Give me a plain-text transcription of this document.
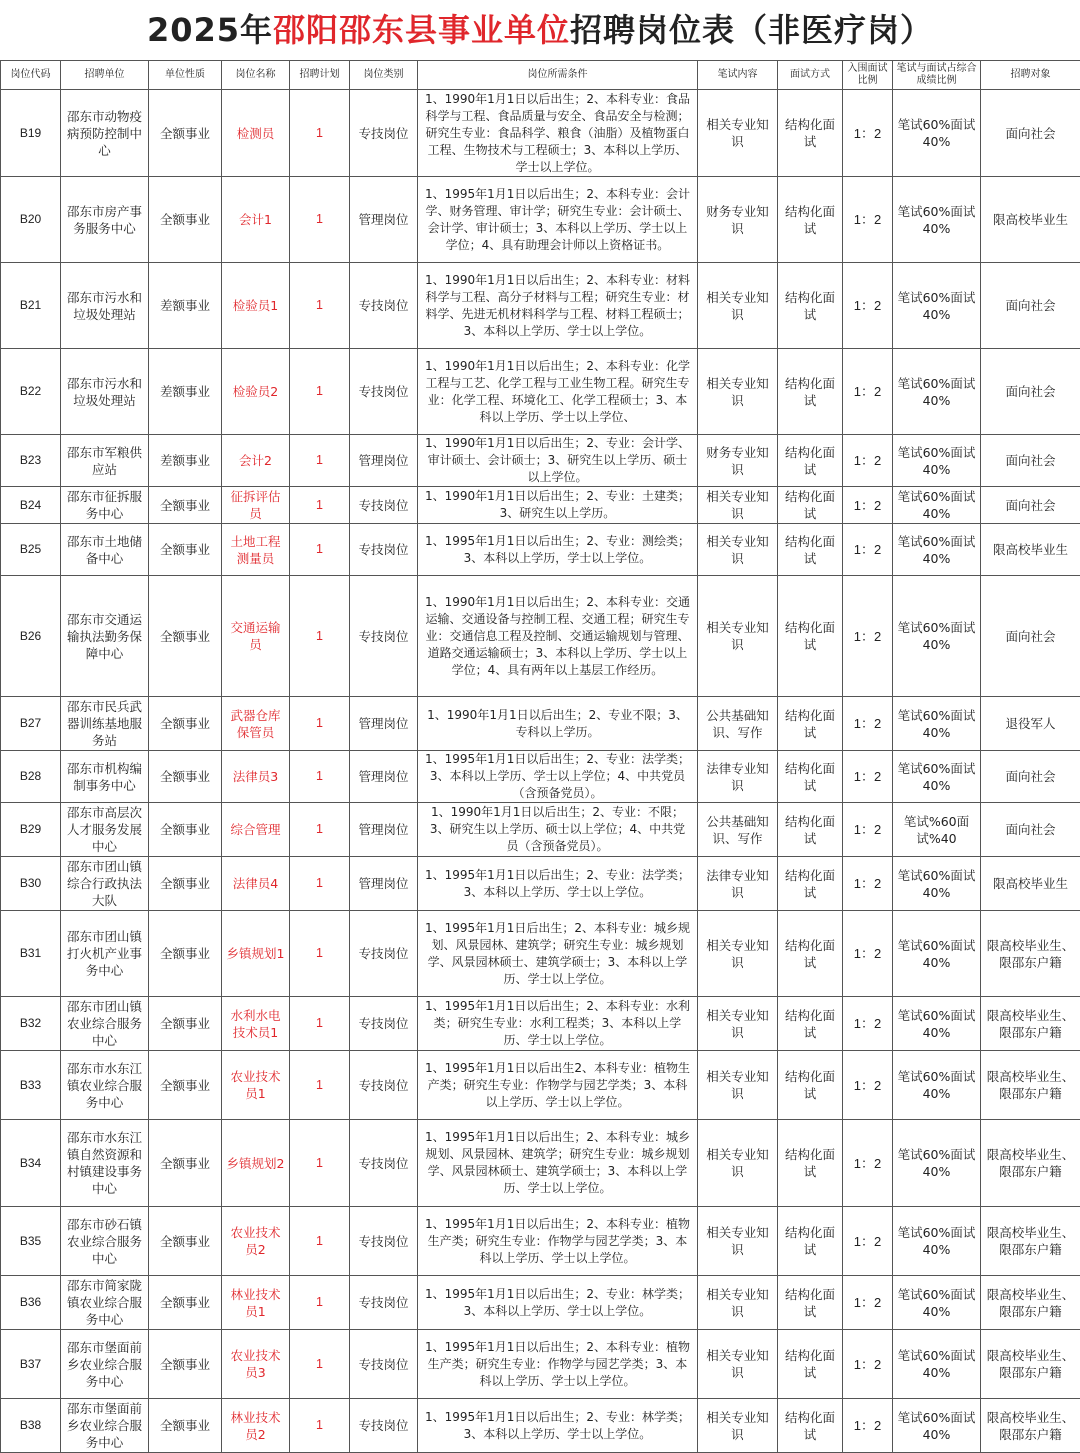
2025年邵阳邵东县事业单位招聘岗位表（非医疗岗）
岗位代码	招聘单位	单位性质	岗位名称	招聘计划	岗位类别	岗位所需条件	笔试内容	面试方式	入围面试比例	笔试与面试占综合成绩比例	招聘对象
B19	邵东市动物疫病预防控制中心	全额事业	检测员	1	专技岗位	1、1990年1月1日以后出生；2、本科专业：食品科学与工程、食品质量与安全、食品安全与检测；研究生专业：食品科学、粮食（油脂）及植物蛋白工程、生物技术与工程硕士；3、本科以上学历、学士以上学位。	相关专业知识	结构化面试	1：2	笔试60%面试40%	面向社会
B20	邵东市房产事务服务中心	全额事业	会计1	1	管理岗位	1、1995年1月1日以后出生；2、本科专业：会计学、财务管理、审计学；研究生专业：会计硕士、会计学、审计硕士；3、本科以上学历、学士以上学位；4、具有助理会计师以上资格证书。	财务专业知识	结构化面试	1：2	笔试60%面试40%	限高校毕业生
B21	邵东市污水和垃圾处理站	差额事业	检验员1	1	专技岗位	1、1990年1月1日以后出生；2、本科专业：材料科学与工程、高分子材料与工程；研究生专业：材料学、先进无机材料科学与工程、材料工程硕士；3、本科以上学历、学士以上学位。	相关专业知识	结构化面试	1：2	笔试60%面试40%	面向社会
B22	邵东市污水和垃圾处理站	差额事业	检验员2	1	专技岗位	1、1990年1月1日以后出生；2、本科专业：化学工程与工艺、化学工程与工业生物工程。研究生专业：化学工程、环境化工、化学工程硕士；3、本科以上学历、学士以上学位、	相关专业知识	结构化面试	1：2	笔试60%面试40%	面向社会
B23	邵东市军粮供应站	差额事业	会计2	1	管理岗位	1、1990年1月1日以后出生；2、专业：会计学、审计硕士、会计硕士；3、研究生以上学历、硕士以上学位。	财务专业知识	结构化面试	1：2	笔试60%面试40%	面向社会
B24	邵东市征拆服务中心	全额事业	征拆评估员	1	专技岗位	1、1990年1月1日以后出生；2、专业：土建类；3、研究生以上学历。	相关专业知识	结构化面试	1：2	笔试60%面试40%	面向社会
B25	邵东市土地储备中心	全额事业	土地工程测量员	1	专技岗位	1、1995年1月1日以后出生；2、专业：测绘类；3、本科以上学历，学士以上学位。	相关专业知识	结构化面试	1：2	笔试60%面试40%	限高校毕业生
B26	邵东市交通运输执法勤务保障中心	全额事业	交通运输员	1	专技岗位	1、1990年1月1日以后出生；2、本科专业：交通运输、交通设备与控制工程、交通工程；研究生专业：交通信息工程及控制、交通运输规划与管理、道路交通运输硕士；3、本科以上学历、学士以上学位；4、具有两年以上基层工作经历。	相关专业知识	结构化面试	1：2	笔试60%面试40%	面向社会
B27	邵东市民兵武器训练基地服务站	全额事业	武器仓库保管员	1	管理岗位	1、1990年1月1日以后出生；2、专业不限；3、专科以上学历。	公共基础知识、写作	结构化面试	1：2	笔试60%面试40%	退役军人
B28	邵东市机构编制事务中心	全额事业	法律员3	1	管理岗位	1、1995年1月1日以后出生；2、专业：法学类；3、本科以上学历、学士以上学位；4、中共党员（含预备党员）。	法律专业知识	结构化面试	1：2	笔试60%面试40%	面向社会
B29	邵东市高层次人才服务发展中心	全额事业	综合管理	1	管理岗位	1、1990年1月1日以后出生；2、专业：不限；3、研究生以上学历、硕士以上学位；4、中共党员（含预备党员）。	公共基础知识、写作	结构化面试	1：2	笔试%60面试%40	面向社会
B30	邵东市团山镇综合行政执法大队	全额事业	法律员4	1	管理岗位	1、1995年1月1日以后出生；2、专业：法学类；3、本科以上学历、学士以上学位。	法律专业知识	结构化面试	1：2	笔试60%面试40%	限高校毕业生
B31	邵东市团山镇打火机产业事务中心	全额事业	乡镇规划1	1	专技岗位	1、1995年1月1日后出生；2、本科专业：城乡规划、风景园林、建筑学；研究生专业：城乡规划学、风景园林硕士、建筑学硕士；3、本科以上学历、学士以上学位。	相关专业知识	结构化面试	1：2	笔试60%面试40%	限高校毕业生、限邵东户籍
B32	邵东市团山镇农业综合服务中心	全额事业	水利水电技术员1	1	专技岗位	1、1995年1月1日以后出生；2、本科专业：水利类；研究生专业：水利工程类；3、本科以上学历、学士以上学位。	相关专业知识	结构化面试	1：2	笔试60%面试40%	限高校毕业生、限邵东户籍
B33	邵东市水东江镇农业综合服务中心	全额事业	农业技术员1	1	专技岗位	1、1995年1月1日以后出生2、本科专业：植物生产类；研究生专业：作物学与园艺学类；3、本科以上学历、学士以上学位。	相关专业知识	结构化面试	1：2	笔试60%面试40%	限高校毕业生、限邵东户籍
B34	邵东市水东江镇自然资源和村镇建设事务中心	全额事业	乡镇规划2	1	专技岗位	1、1995年1月1日以后出生；2、本科专业：城乡规划、风景园林、建筑学；研究生专业：城乡规划学、风景园林硕士、建筑学硕士；3、本科以上学历、学士以上学位。	相关专业知识	结构化面试	1：2	笔试60%面试40%	限高校毕业生、限邵东户籍
B35	邵东市砂石镇农业综合服务中心	全额事业	农业技术员2	1	专技岗位	1、1995年1月1日以后出生；2、本科专业：植物生产类；研究生专业：作物学与园艺学类；3、本科以上学历、学士以上学位。	相关专业知识	结构化面试	1：2	笔试60%面试40%	限高校毕业生、限邵东户籍
B36	邵东市简家陇镇农业综合服务中心	全额事业	林业技术员1	1	专技岗位	1、1995年1月1日以后出生；2、专业：林学类；3、本科以上学历、学士以上学位。	相关专业知识	结构化面试	1：2	笔试60%面试40%	限高校毕业生、限邵东户籍
B37	邵东市堡面前乡农业综合服务中心	全额事业	农业技术员3	1	专技岗位	1、1995年1月1日以后出生；2、本科专业：植物生产类；研究生专业：作物学与园艺学类；3、本科以上学历、学士以上学位。	相关专业知识	结构化面试	1：2	笔试60%面试40%	限高校毕业生、限邵东户籍
B38	邵东市堡面前乡农业综合服务中心	全额事业	林业技术员2	1	专技岗位	1、1995年1月1日以后出生；2、专业：林学类；3、本科以上学历、学士以上学位。	相关专业知识	结构化面试	1：2	笔试60%面试40%	限高校毕业生、限邵东户籍
